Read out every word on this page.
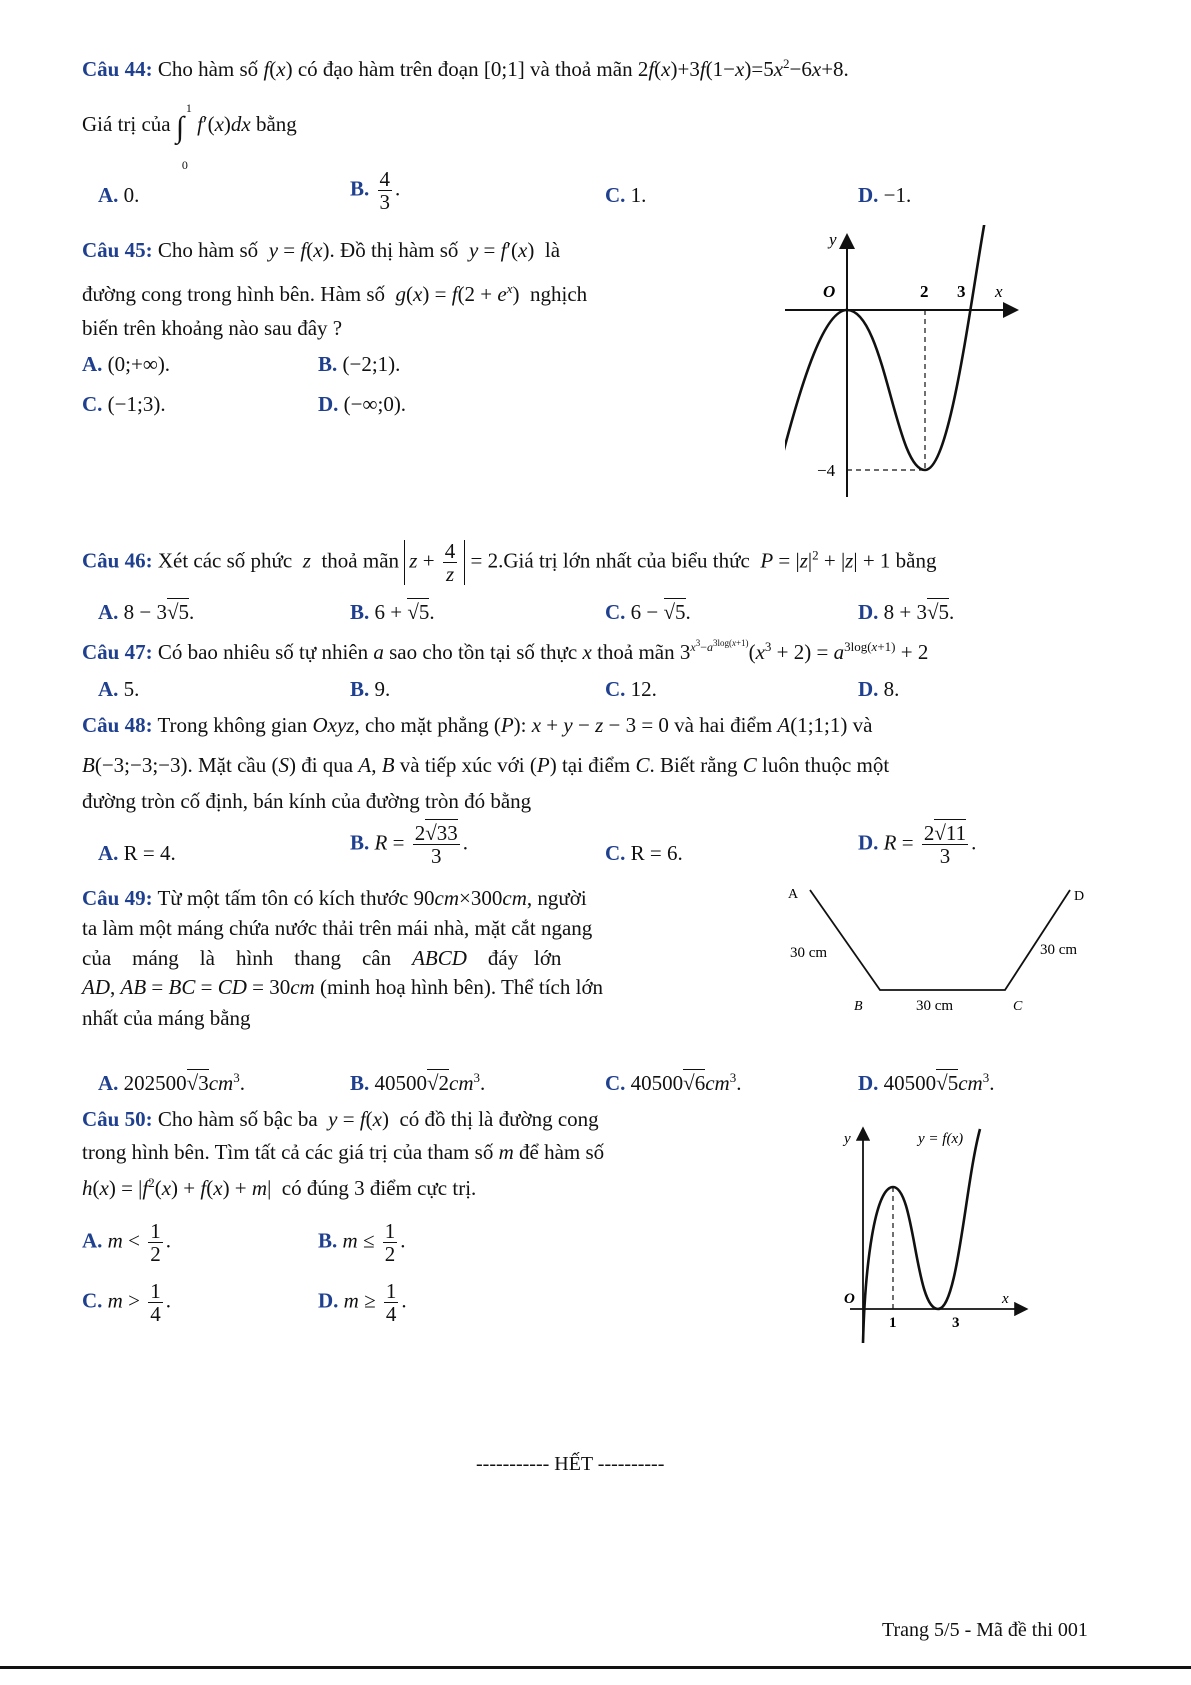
Câu 44: Cho hàm số f(x) có đạo hàm trên đoạn [0;1] và thoả mãn $2f(x)+3f(1-x)=5x^2-6x+8$.
Giá trị của ∫
1
0
f′(x)dx bằng
A. 0.	B. $\frac{4}{3}$ .	C. 1.	D. −1.
Câu 45: Cho hàm số  y = f(x). Đồ thị hàm số  y = f′(x)  là
đường cong trong hình bên. Hàm số  $g(x) = f(2 + e^x)$  nghịch
biến trên khoảng nào sau đây ?
A. (0;+∞).	B. (−2;1).
C. (−1;3).	D. (−∞;0).
y
O	2 3 x
−4
Câu 46: Xét các số phức  z  thoả mãn $z + \frac{4}{z}$ = 2.Giá trị lớn nhất của biểu thức  $P = |z|^2 + |z| + 1$ bằng
A. 8 − 3√5.	B. 6 + √5.	C. 6 − √5.	D. 8 + 3√5.
Câu 47: Có bao nhiêu số tự nhiên a sao cho tồn tại số thực x thoả mãn $3^{x^3-a^{3log(x+1)}}(x^3 + 2) = a^{3log(x+1)} + 2$
A. 5.	B. 9.	C. 12.	D. 8.
Câu 48: Trong không gian Oxyz, cho mặt phẳng (P): x + y − z − 3 = 0 và hai điểm A(1;1;1) và
B(−3;−3;−3). Mặt cầu (S) đi qua A, B và tiếp xúc với (P) tại điểm C. Biết rằng C luôn thuộc một
đường tròn cố định, bán kính của đường tròn đó bằng
A. R = 4.	B. $R = \frac{2√33}{3}$ .	C. R = 6.	D. $R = \frac{2√11}{3}$ .
Câu 49: Từ một tấm tôn có kích thước 90cm×300cm, người
ta làm một máng chứa nước thải trên mái nhà, mặt cắt ngang
của    máng    là    hình    thang    cân    ABCD    đáy   lớn
AD, AB = BC = CD = 30cm (minh hoạ hình bên). Thể tích lớn
nhất của máng bằng
A	D
B	C
30 cm
30 cm
30 cm
A. $202500√3cm^3$.	B. $40500√2cm^3$.	C. $40500√6cm^3$.	D. $40500√5cm^3$.
Câu 50: Cho hàm số bậc ba  y = f(x)  có đồ thị là đường cong
trong hình bên. Tìm tất cả các giá trị của tham số m để hàm số
$h(x) = |f^2(x) + f(x) + m|$  có đúng 3 điểm cực trị.
A. $m < \frac{1}{2}$ .	B. $m \le \frac{1}{2}$ .
C. $m > \frac{1}{4}$ .	D. $m \ge \frac{1}{4}$ .
y	y = f(x)
O	x
1	3
----------- HẾT ----------
Trang 5/5 - Mã đề thi 001
